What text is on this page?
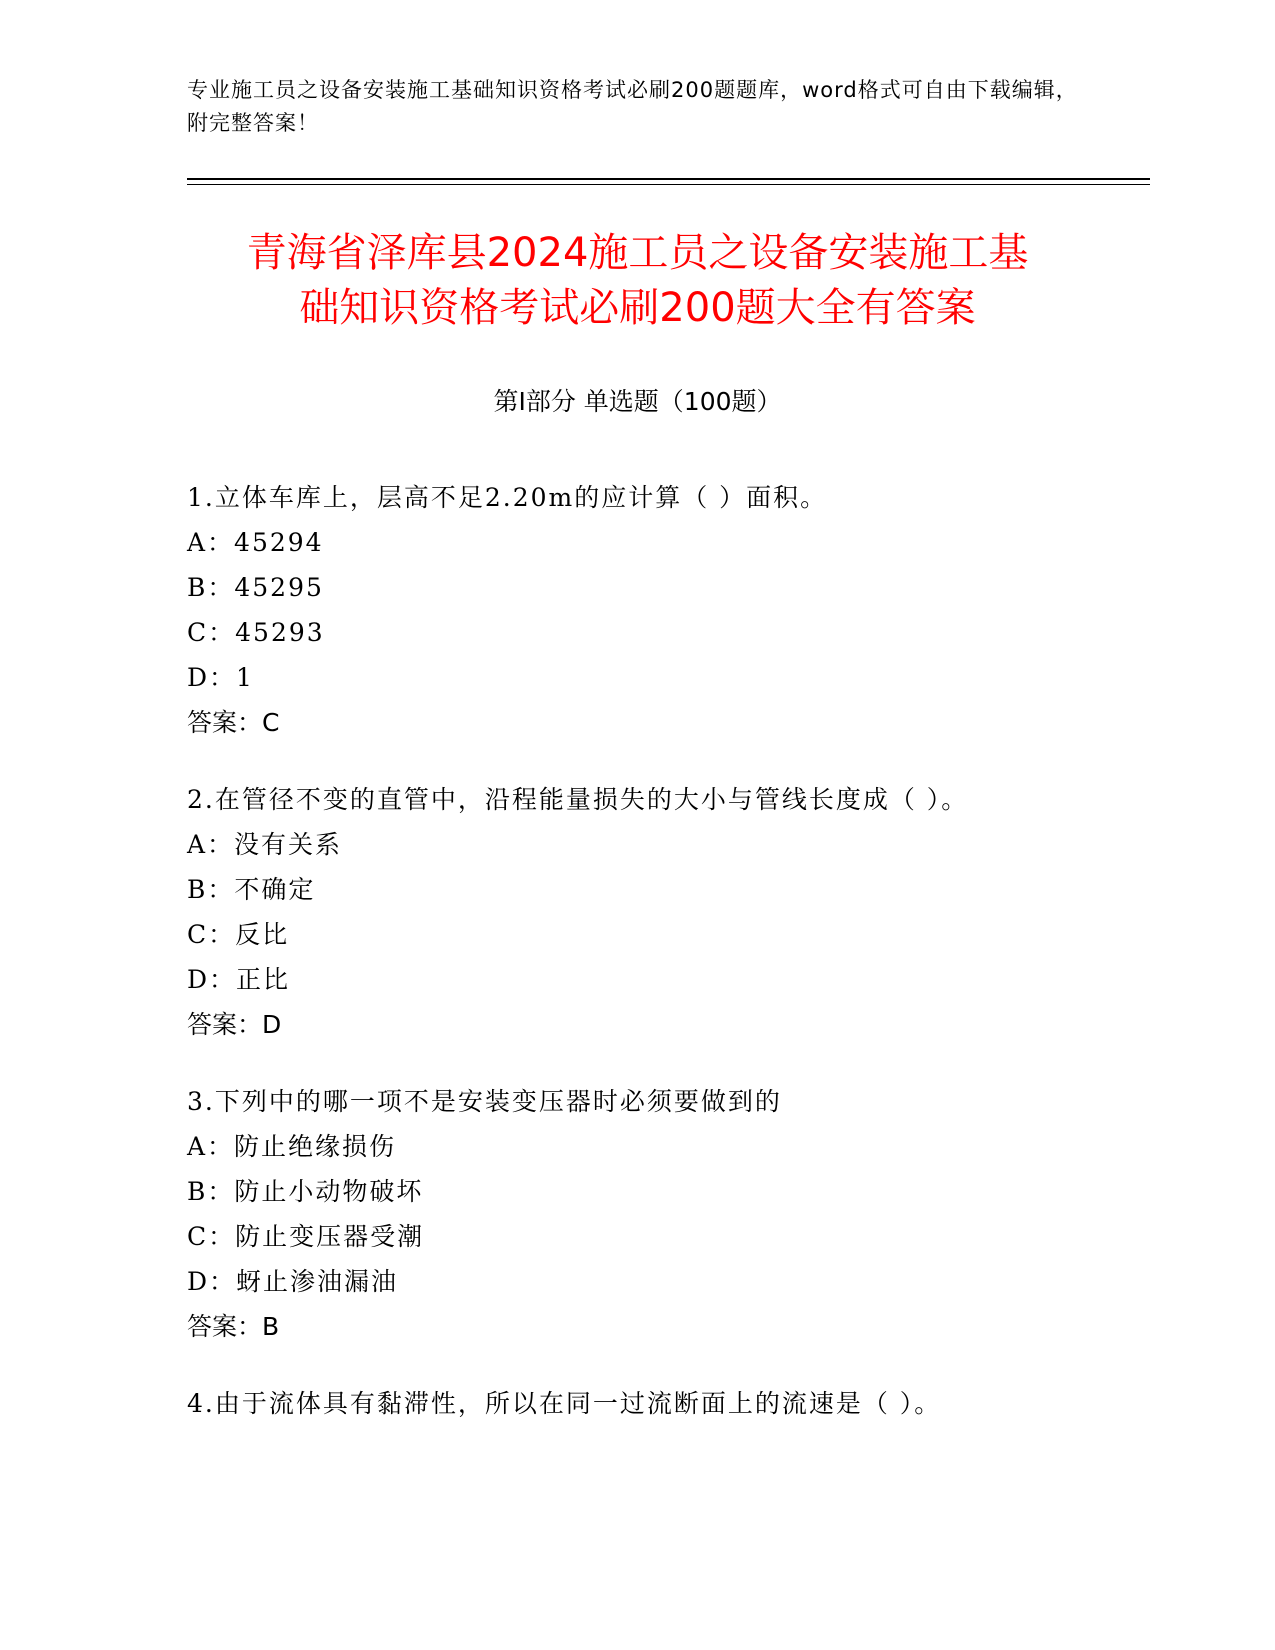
专业施工员之设备安装施工基础知识资格考试必刷200题题库，word格式可自由下载编辑，附完整答案！
青海省泽库县2024施工员之设备安装施工基
础知识资格考试必刷200题大全有答案
第Ⅰ部分 单选题（100题）
1.立体车库上，层高不足2.20m的应计算（ ）面积。
A：45294
B：45295
C：45293
D：1
答案：C
2.在管径不变的直管中，沿程能量损失的大小与管线长度成（ ）。
A：没有关系
B：不确定
C：反比
D：正比
答案：D
3.下列中的哪一项不是安装变压器时必须要做到的
A：防止绝缘损伤
B：防止小动物破坏
C：防止变压器受潮
D：蚜止渗油漏油
答案：B
4.由于流体具有黏滞性，所以在同一过流断面上的流速是（ ）。
